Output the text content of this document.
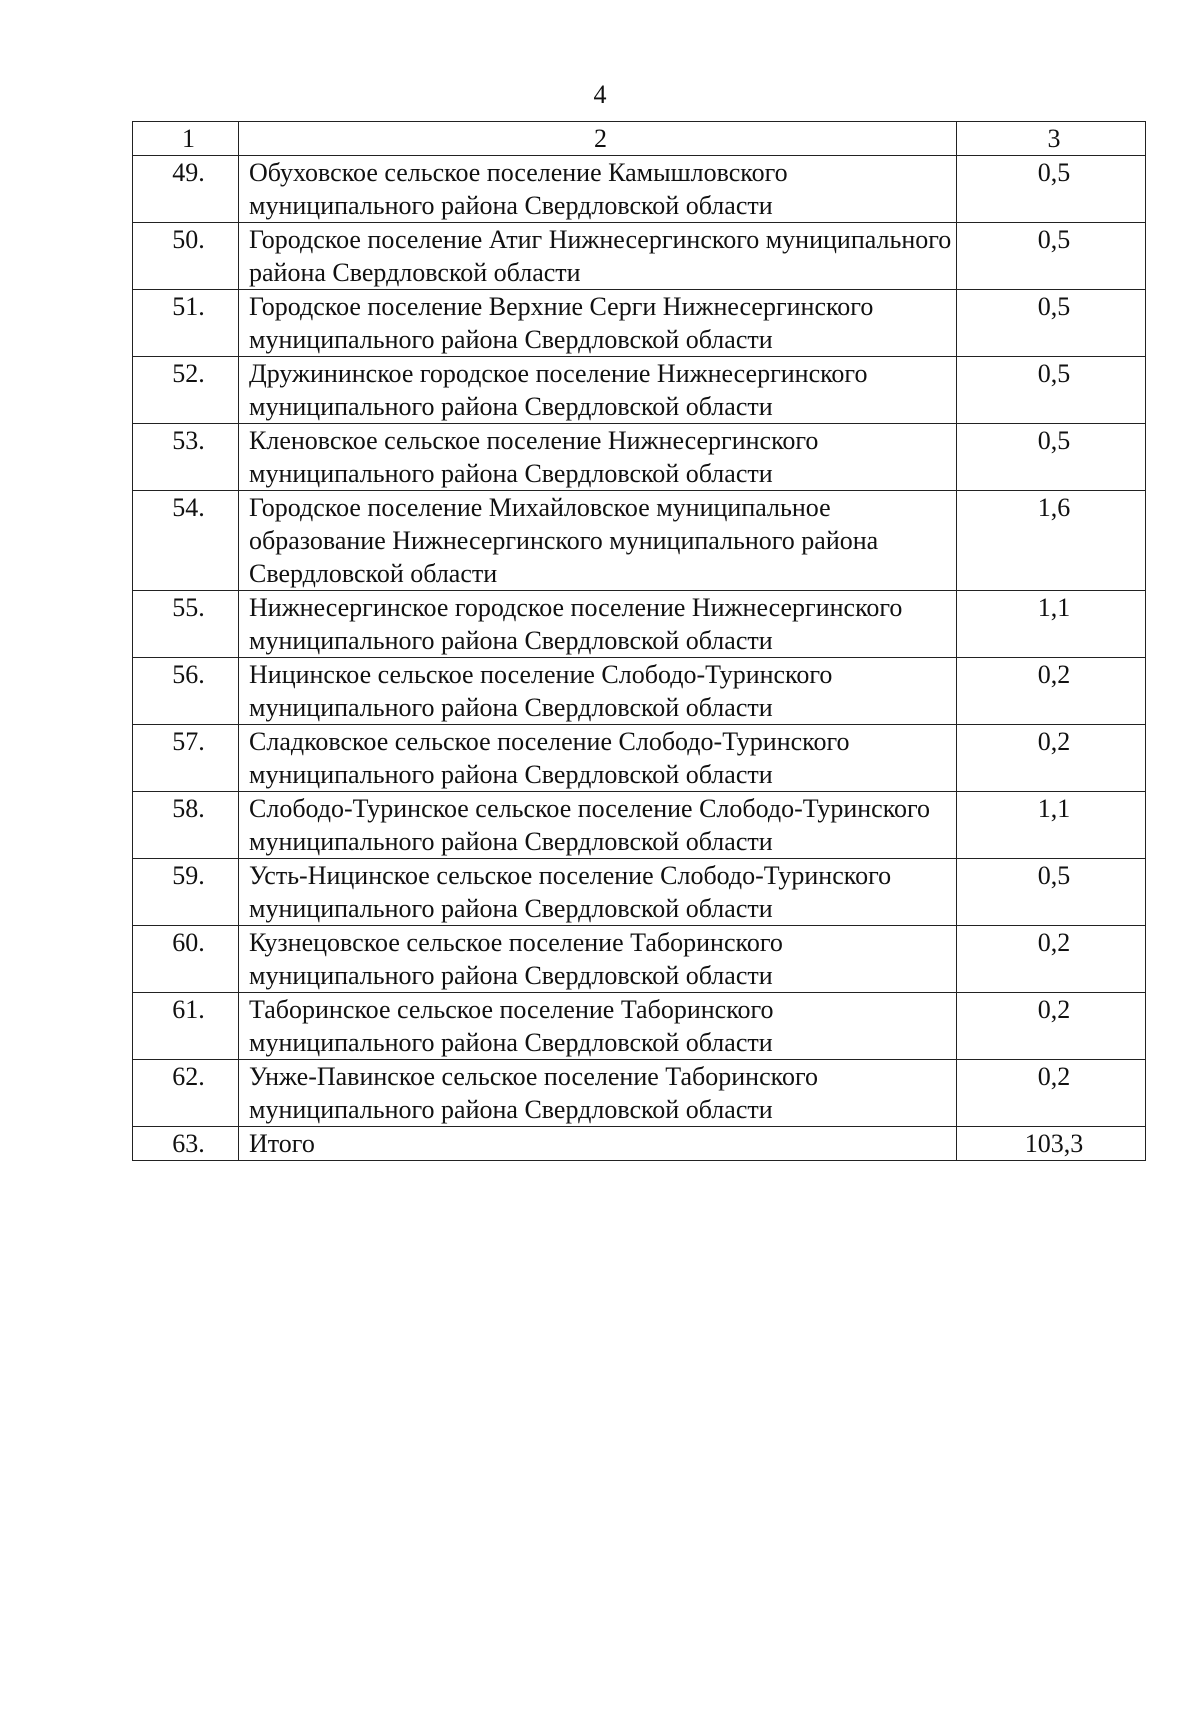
4
1	2	3
49.	Обуховское сельское поселение Камышловского муниципального района Свердловской области	0,5
50.	Городское поселение Атиг Нижнесергинского муниципального района Свердловской области	0,5
51.	Городское поселение Верхние Серги Нижнесергинского муниципального района Свердловской области	0,5
52.	Дружининское городское поселение Нижнесергинского муниципального района Свердловской области	0,5
53.	Кленовское сельское поселение Нижнесергинского муниципального района Свердловской области	0,5
54.	Городское поселение Михайловское муниципальное образование Нижнесергинского муниципального района Свердловской области	1,6
55.	Нижнесергинское городское поселение Нижнесергинского муниципального района Свердловской области	1,1
56.	Ницинское сельское поселение Слободо-Туринского муниципального района Свердловской области	0,2
57.	Сладковское сельское поселение Слободо-Туринского муниципального района Свердловской области	0,2
58.	Слободо-Туринское сельское поселение Слободо-Туринского муниципального района Свердловской области	1,1
59.	Усть-Ницинское сельское поселение Слободо-Туринского муниципального района Свердловской области	0,5
60.	Кузнецовское сельское поселение Таборинского муниципального района Свердловской области	0,2
61.	Таборинское сельское поселение Таборинского муниципального района Свердловской области	0,2
62.	Унже-Павинское сельское поселение Таборинского муниципального района Свердловской области	0,2
63.	Итого	103,3
